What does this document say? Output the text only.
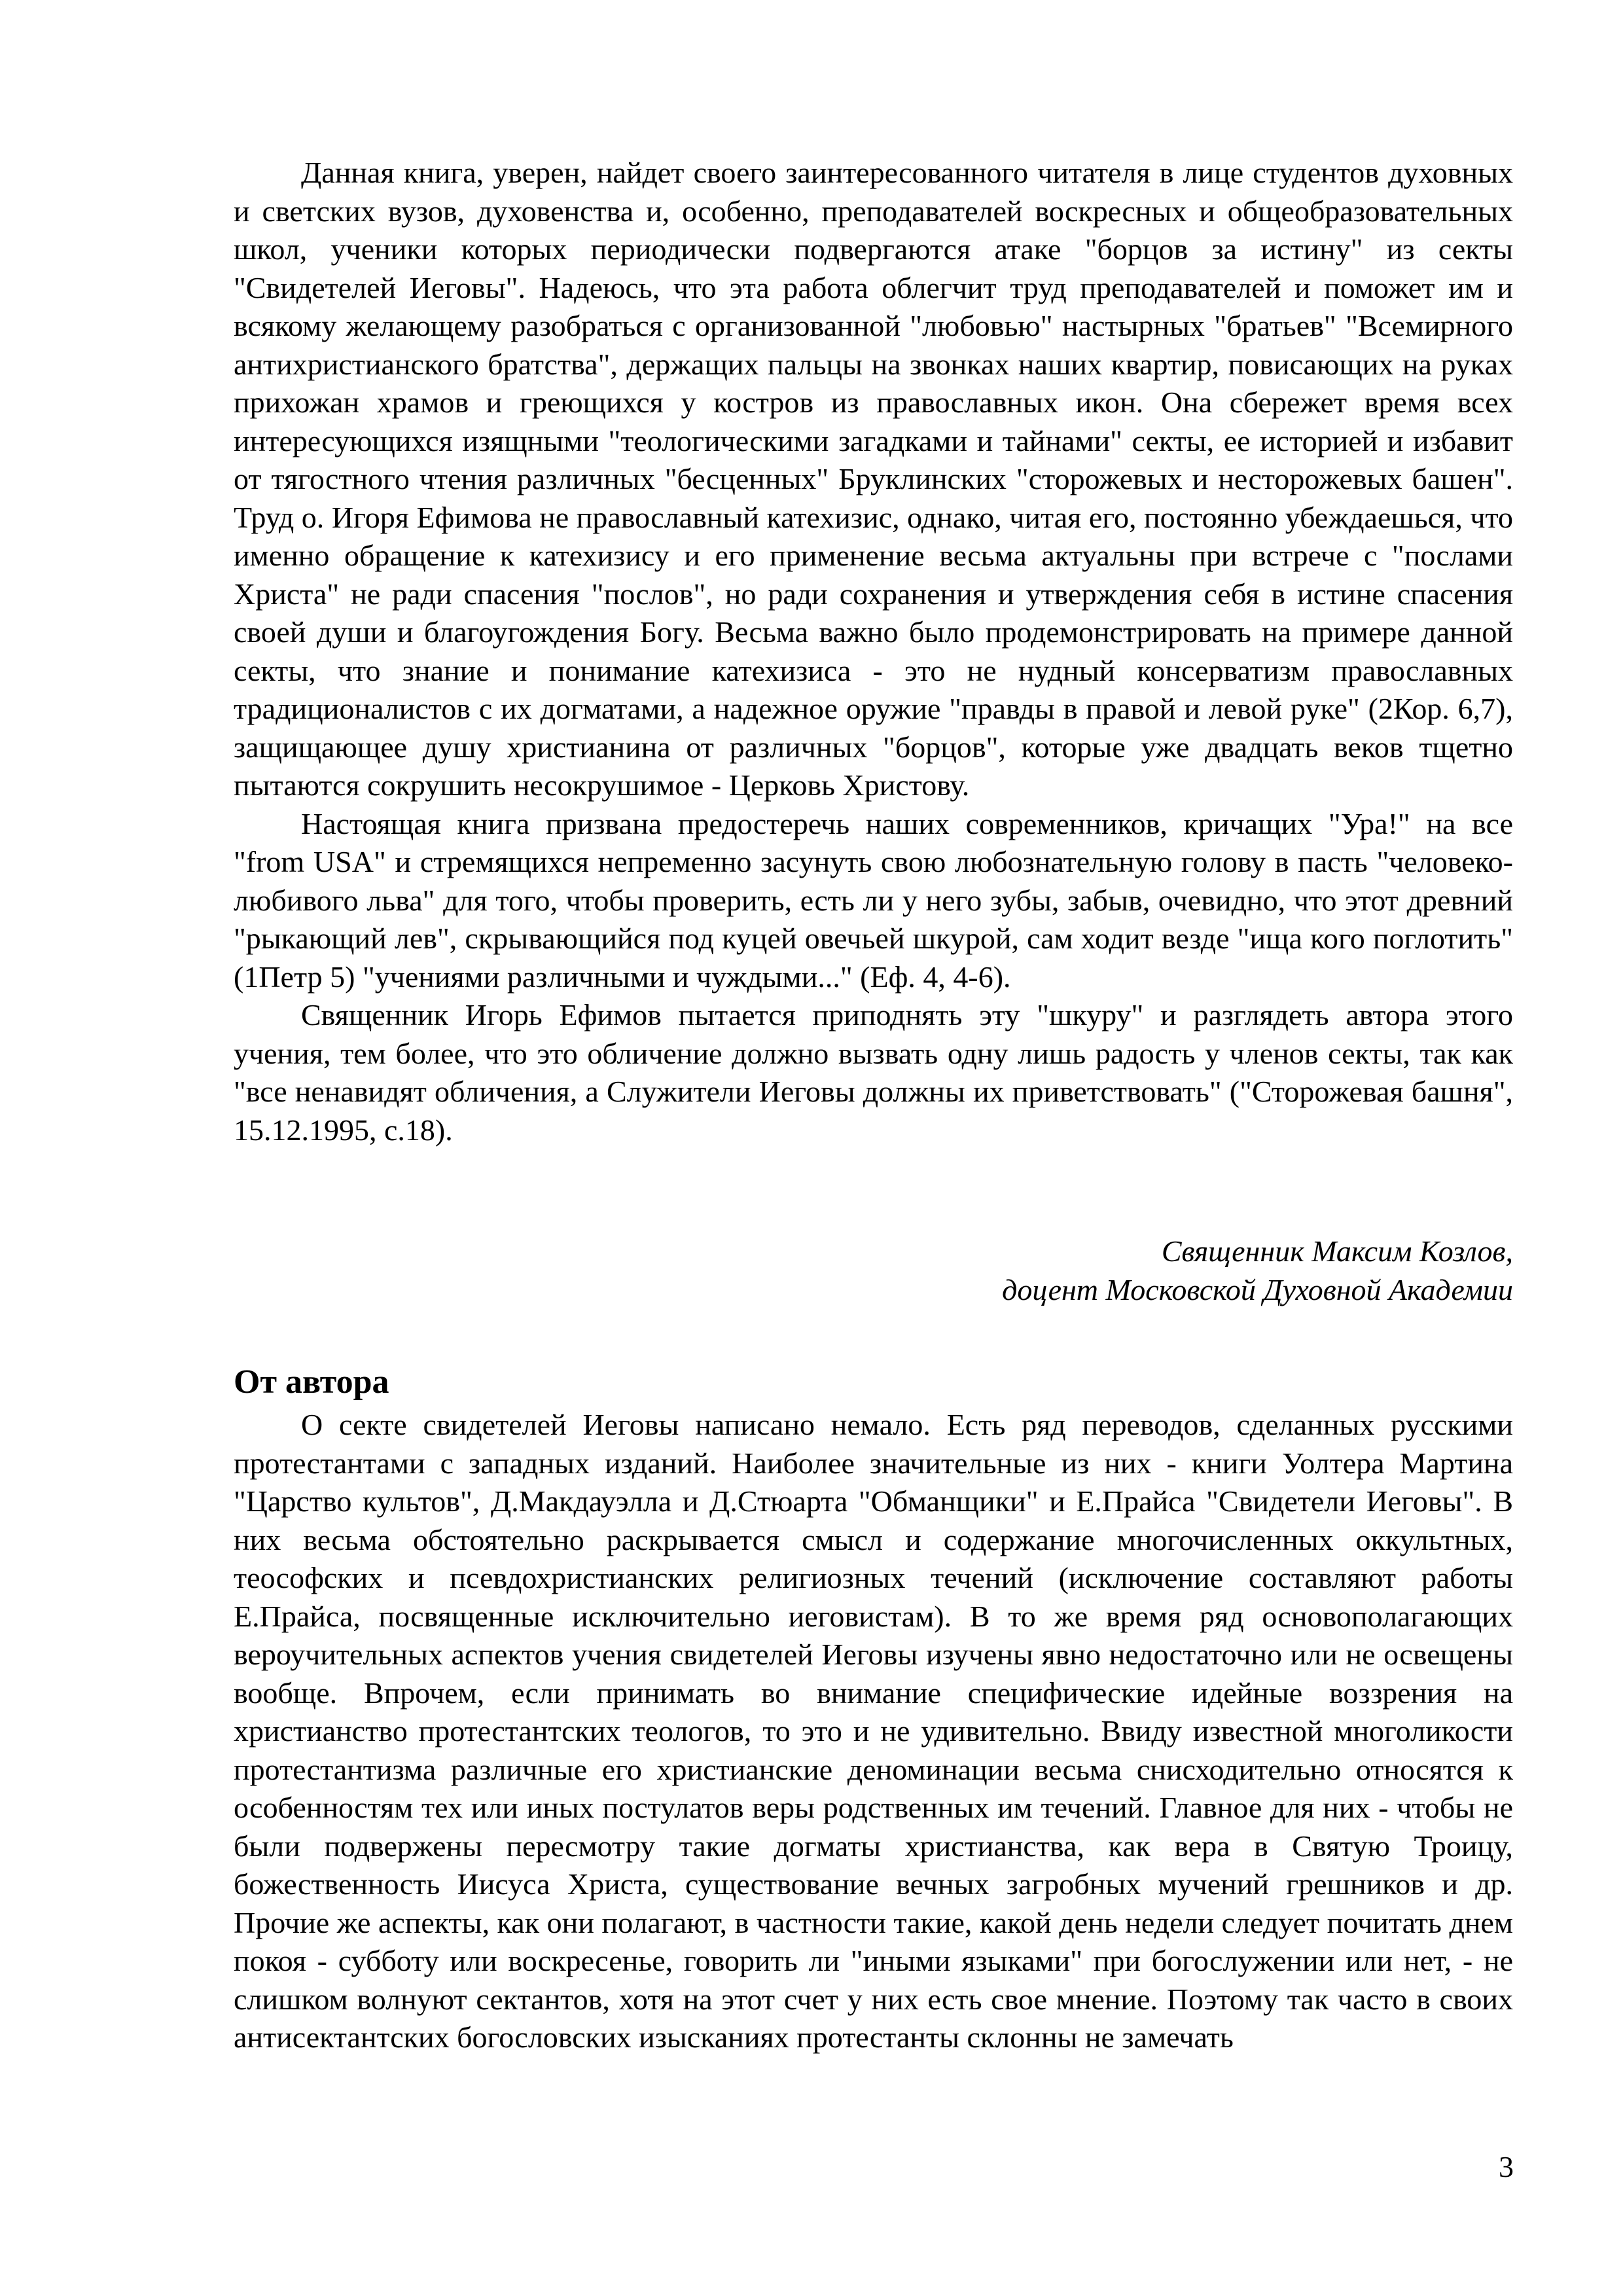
Данная книга, уверен, найдет своего заинтересованного читателя в лице студентов духовных и светских вузов, духовенства и, особенно, преподавателей воскресных и общеобразовательных школ, ученики которых периодически подвергаются атаке "борцов за истину" из секты "Свидетелей Иеговы". Надеюсь, что эта работа облегчит труд преподавателей и поможет им и всякому желающему разобраться с организованной "любовью" настырных "братьев" "Всемирного антихристианского братства", держащих пальцы на звонках наших квартир, повисающих на руках прихожан храмов и греющихся у костров из православных икон. Она сбережет время всех интересующихся изящными "теологическими загадками и тайнами" секты, ее историей и избавит от тягостного чтения различных "бесценных" Бруклинских "сторожевых и несторожевых башен". Труд о. Игоря Ефимова не православный катехизис, однако, читая его, постоянно убеждаешься, что именно обращение к катехизису и его применение весьма актуальны при встрече с "послами Христа" не ради спасения "послов", но ради сохранения и утверждения себя в истине спасения своей души и благоугождения Богу. Весьма важно было продемонстрировать на примере данной секты, что знание и понимание катехизиса - это не нудный консерватизм православных традиционалистов с их догматами, а надежное оружие "правды в правой и левой руке" (2Кор. 6,7), защищающее душу христианина от различных "борцов", которые уже двадцать веков тщетно пытаются сокрушить несокрушимое - Церковь Христову.

Настоящая книга призвана предостеречь наших современников, кричащих "Ура!" на все "from USA" и стремящихся непременно засунуть свою любознательную голову в пасть "человеко-любивого льва" для того, чтобы проверить, есть ли у него зубы, забыв, очевидно, что этот древний "рыкающий лев", скрывающийся под куцей овечьей шкурой, сам ходит везде "ища кого поглотить" (1Петр 5) "учениями различными и чуждыми..." (Еф. 4, 4-6).

Священник Игорь Ефимов пытается приподнять эту "шкуру" и разглядеть автора этого учения, тем более, что это обличение должно вызвать одну лишь радость у членов секты, так как "все ненавидят обличения, а Служители Иеговы должны их приветствовать" ("Сторожевая башня", 15.12.1995, с.18).

Священник Максим Козлов,
доцент Московской Духовной Академии
От автора

О секте свидетелей Иеговы написано немало. Есть ряд переводов, сделанных русскими протестантами с западных изданий. Наиболее значительные из них - книги Уолтера Мартина "Царство культов", Д.Макдауэлла и Д.Стюарта "Обманщики" и Е.Прайса "Свидетели Иеговы". В них весьма обстоятельно раскрывается смысл и содержание многочисленных оккультных, теософских и псевдохристианских религиозных течений (исключение составляют работы Е.Прайса, посвященные исключительно иеговистам). В то же время ряд основополагающих вероучительных аспектов учения свидетелей Иеговы изучены явно недостаточно или не освещены вообще. Впрочем, если принимать во внимание специфические идейные воззрения на христианство протестантских теологов, то это и не удивительно. Ввиду известной многоликости протестантизма различные его христианские деноминации весьма снисходительно относятся к особенностям тех или иных постулатов веры родственных им течений. Главное для них - чтобы не были подвержены пересмотру такие догматы христианства, как вера в Святую Троицу, божественность Иисуса Христа, существование вечных загробных мучений грешников и др. Прочие же аспекты, как они полагают, в частности такие, какой день недели следует почитать днем покоя - субботу или воскресенье, говорить ли "иными языками" при богослужении или нет, - не слишком волнуют сектантов, хотя на этот счет у них есть свое мнение. Поэтому так часто в своих антисектантских богословских изысканиях протестанты склонны не замечать

3
